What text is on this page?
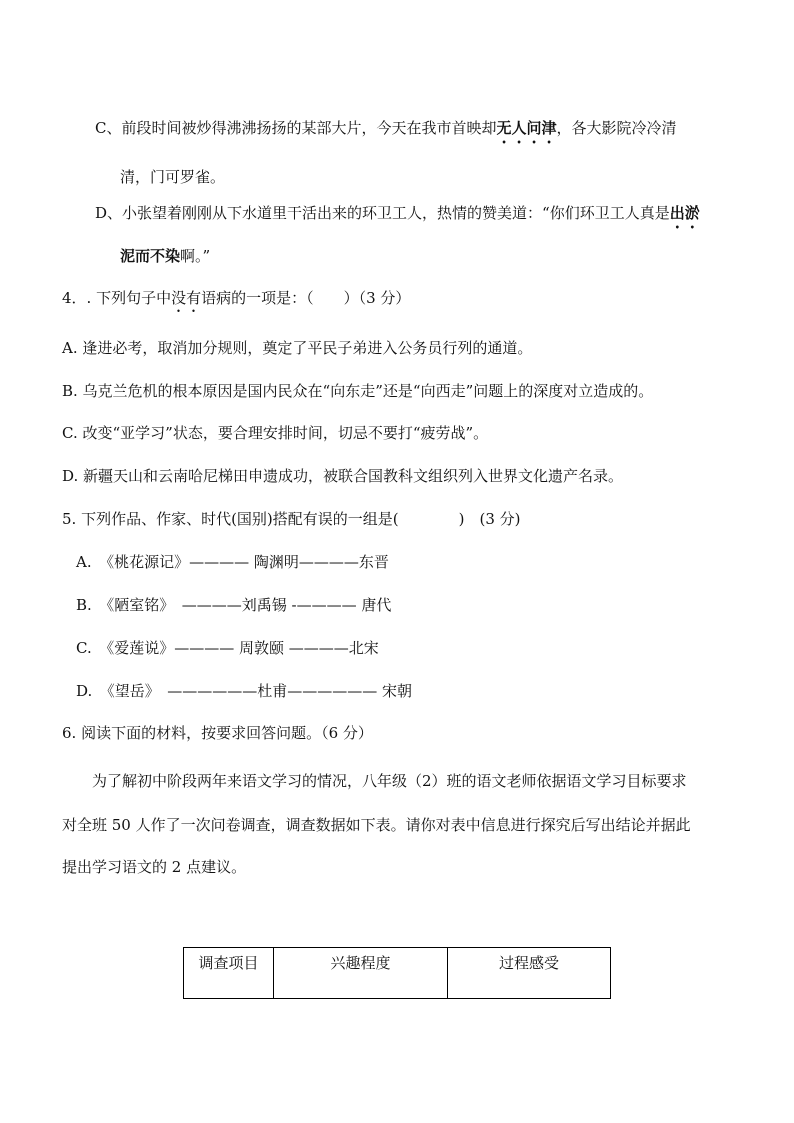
C、前段时间被炒得沸沸扬扬的某部大片，今天在我市首映却无人问津，各大影院冷冷清
清，门可罗雀。
D、小张望着刚刚从下水道里干活出来的环卫工人，热情的赞美道：“你们环卫工人真是出淤
泥而不染啊。”
4．. 下列句子中没有语病的一项是：（　　）（3 分）
A. 逢进必考，取消加分规则，奠定了平民子弟进入公务员行列的通道。
B. 乌克兰危机的根本原因是国内民众在“向东走”还是“向西走”问题上的深度对立造成的。
C. 改变“亚学习”状态，要合理安排时间，切忌不要打“疲劳战”。
D. 新疆天山和云南哈尼梯田申遗成功，被联合国教科文组织列入世界文化遗产名录。
5. 下列作品、作家、时代(国别)搭配有误的一组是(　　　　)　(3 分)
A.　《桃花源记》———— 陶渊明————东晋
B.　《陋室铭》　————刘禹锡 -———— 唐代
C.　《爱莲说》———— 周敦颐 ————北宋
D.　《望岳》　——————杜甫—————— 宋朝
6. 阅读下面的材料，按要求回答问题。（6 分）
为了解初中阶段两年来语文学习的情况，八年级（2）班的语文老师依据语文学习目标要求
对全班 50 人作了一次问卷调查，调查数据如下表。请你对表中信息进行探究后写出结论并据此
提出学习语文的 2 点建议。
调查项目	兴趣程度	过程感受
